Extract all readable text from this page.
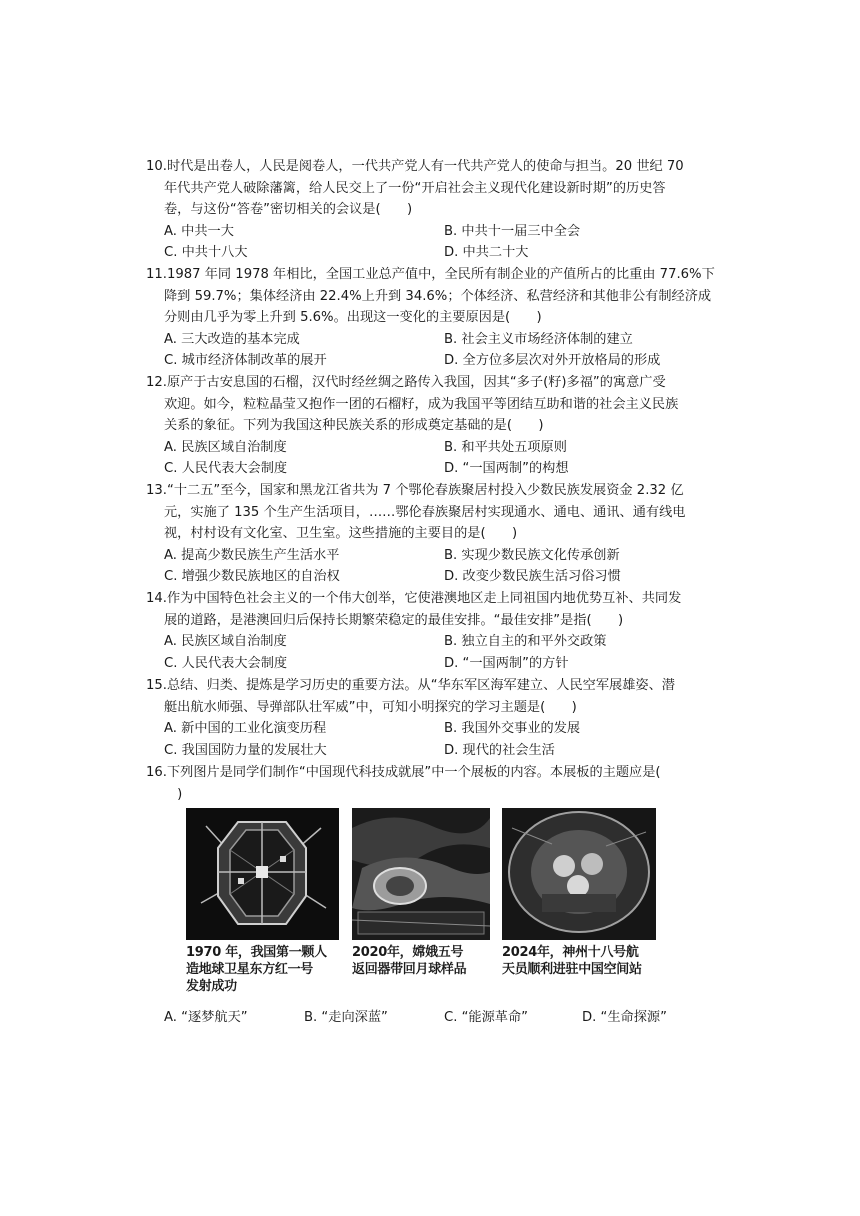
10.时代是出卷人，人民是阅卷人，一代共产党人有一代共产党人的使命与担当。20 世纪 70
年代共产党人破除藩篱，给人民交上了一份“开启社会主义现代化建设新时期”的历史答
卷，与这份“答卷”密切相关的会议是(　　)
A. 中共一大	B. 中共十一届三中全会
C. 中共十八大	D. 中共二十大
11.1987 年同 1978 年相比，全国工业总产值中，全民所有制企业的产值所占的比重由 77.6%下
降到 59.7%；集体经济由 22.4%上升到 34.6%；个体经济、私营经济和其他非公有制经济成
分则由几乎为零上升到 5.6%。出现这一变化的主要原因是(　　)
A. 三大改造的基本完成	B. 社会主义市场经济体制的建立
C. 城市经济体制改革的展开	D. 全方位多层次对外开放格局的形成
12.原产于古安息国的石榴，汉代时经丝绸之路传入我国，因其“多子(籽)多福”的寓意广受
欢迎。如今，粒粒晶莹又抱作一团的石榴籽，成为我国平等团结互助和谐的社会主义民族
关系的象征。下列为我国这种民族关系的形成奠定基础的是(　　)
A. 民族区域自治制度	B. 和平共处五项原则
C. 人民代表大会制度	D. “一国两制”的构想
13.“十二五”至今，国家和黑龙江省共为 7 个鄂伦春族聚居村投入少数民族发展资金 2.32 亿
元，实施了 135 个生产生活项目，……鄂伦春族聚居村实现通水、通电、通讯、通有线电
视，村村设有文化室、卫生室。这些措施的主要目的是(　　)
A. 提高少数民族生产生活水平	B. 实现少数民族文化传承创新
C. 增强少数民族地区的自治权	D. 改变少数民族生活习俗习惯
14.作为中国特色社会主义的一个伟大创举，它使港澳地区走上同祖国内地优势互补、共同发
展的道路，是港澳回归后保持长期繁荣稳定的最佳安排。“最佳安排”是指(　　)
A. 民族区域自治制度	B. 独立自主的和平外交政策
C. 人民代表大会制度	D. “一国两制”的方针
15.总结、归类、提炼是学习历史的重要方法。从“华东军区海军建立、人民空军展雄姿、潜
艇出航水师强、导弹部队壮军威”中，可知小明探究的学习主题是(　　)
A. 新中国的工业化演变历程	B. 我国外交事业的发展
C. 我国国防力量的发展壮大	D. 现代的社会生活
16.下列图片是同学们制作“中国现代科技成就展”中一个展板的内容。本展板的主题应是(
　)
1970 年，我国第一颗人
造地球卫星东方红一号
发射成功
2020年，嫦娥五号
返回器带回月球样品
2024年，神州十八号航
天员顺利进驻中国空间站
A. “逐梦航天”	B. “走向深蓝”	C. “能源革命”	D. “生命探源”
